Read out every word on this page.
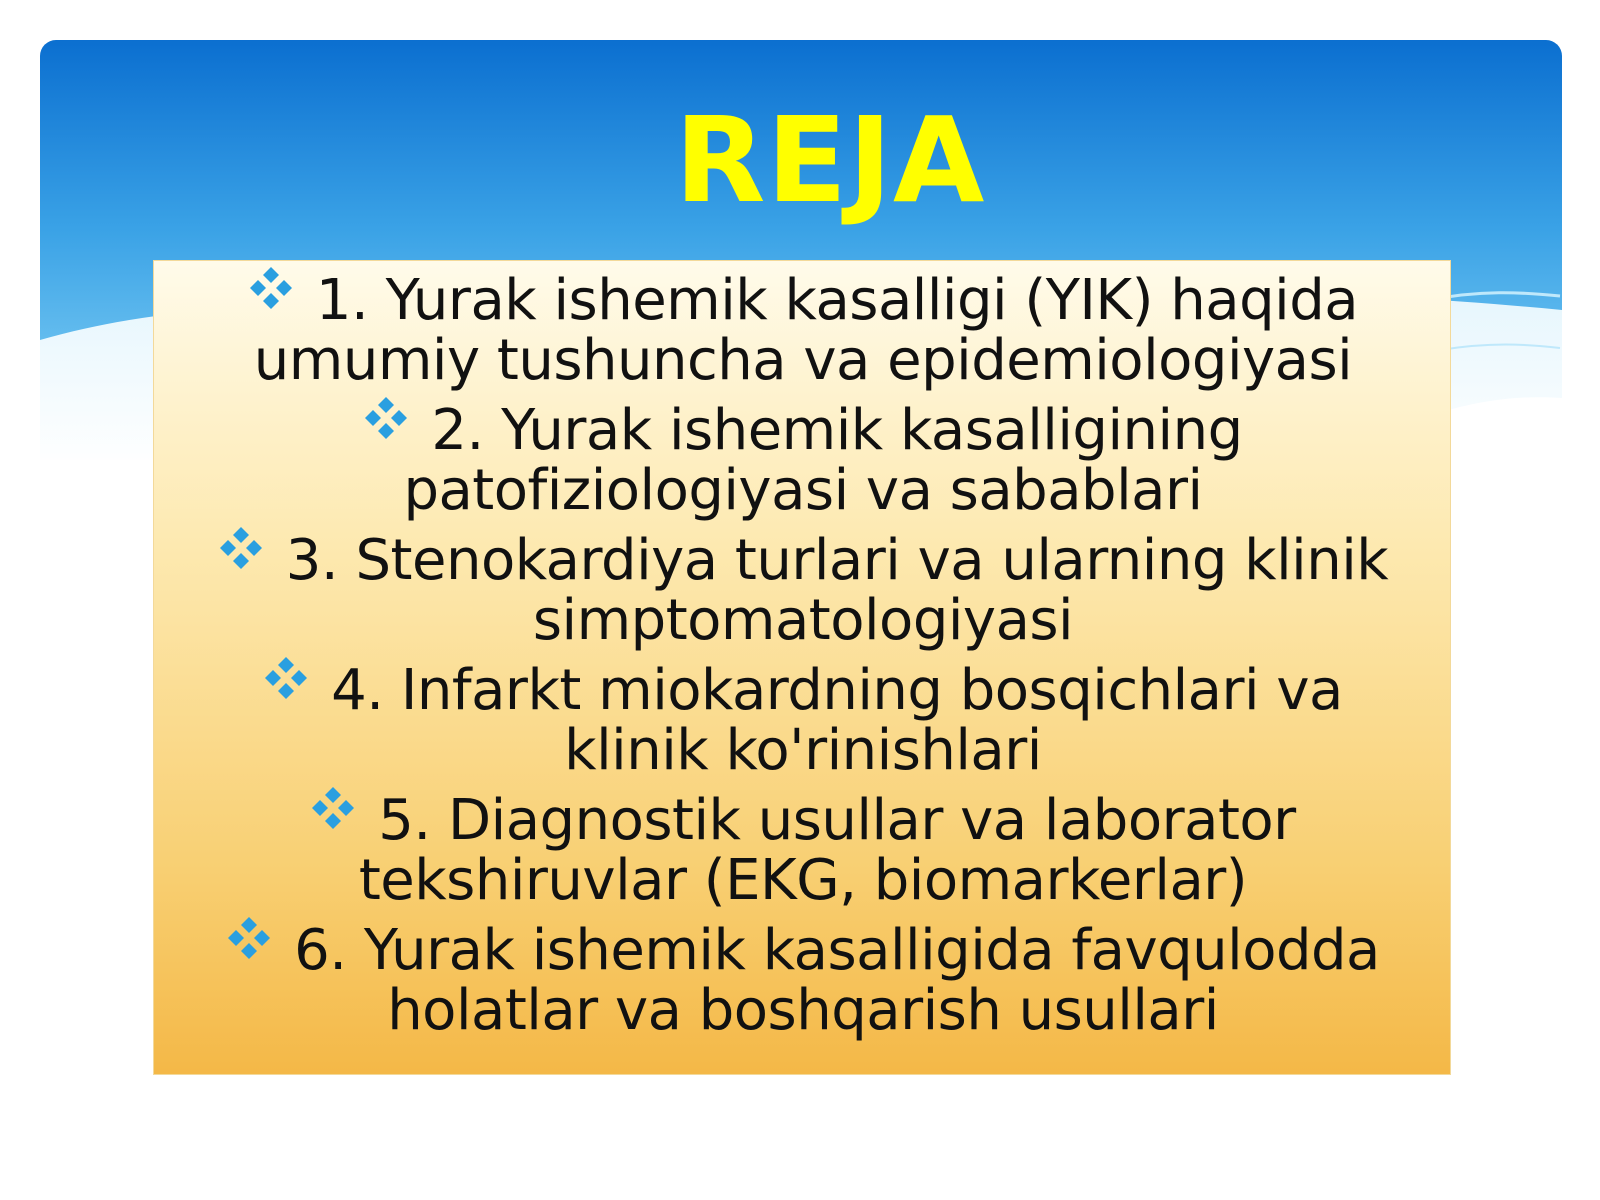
REJA
1. Yurak ishemik kasalligi (YIK) haqida
umumiy tushuncha va epidemiologiyasi
2. Yurak ishemik kasalligining
patofiziologiyasi va sabablari
3. Stenokardiya turlari va ularning klinik
simptomatologiyasi
4. Infarkt miokardning bosqichlari va
klinik ko'rinishlari
5. Diagnostik usullar va laborator
tekshiruvlar (EKG, biomarkerlar)
6. Yurak ishemik kasalligida favqulodda
holatlar va boshqarish usullari
